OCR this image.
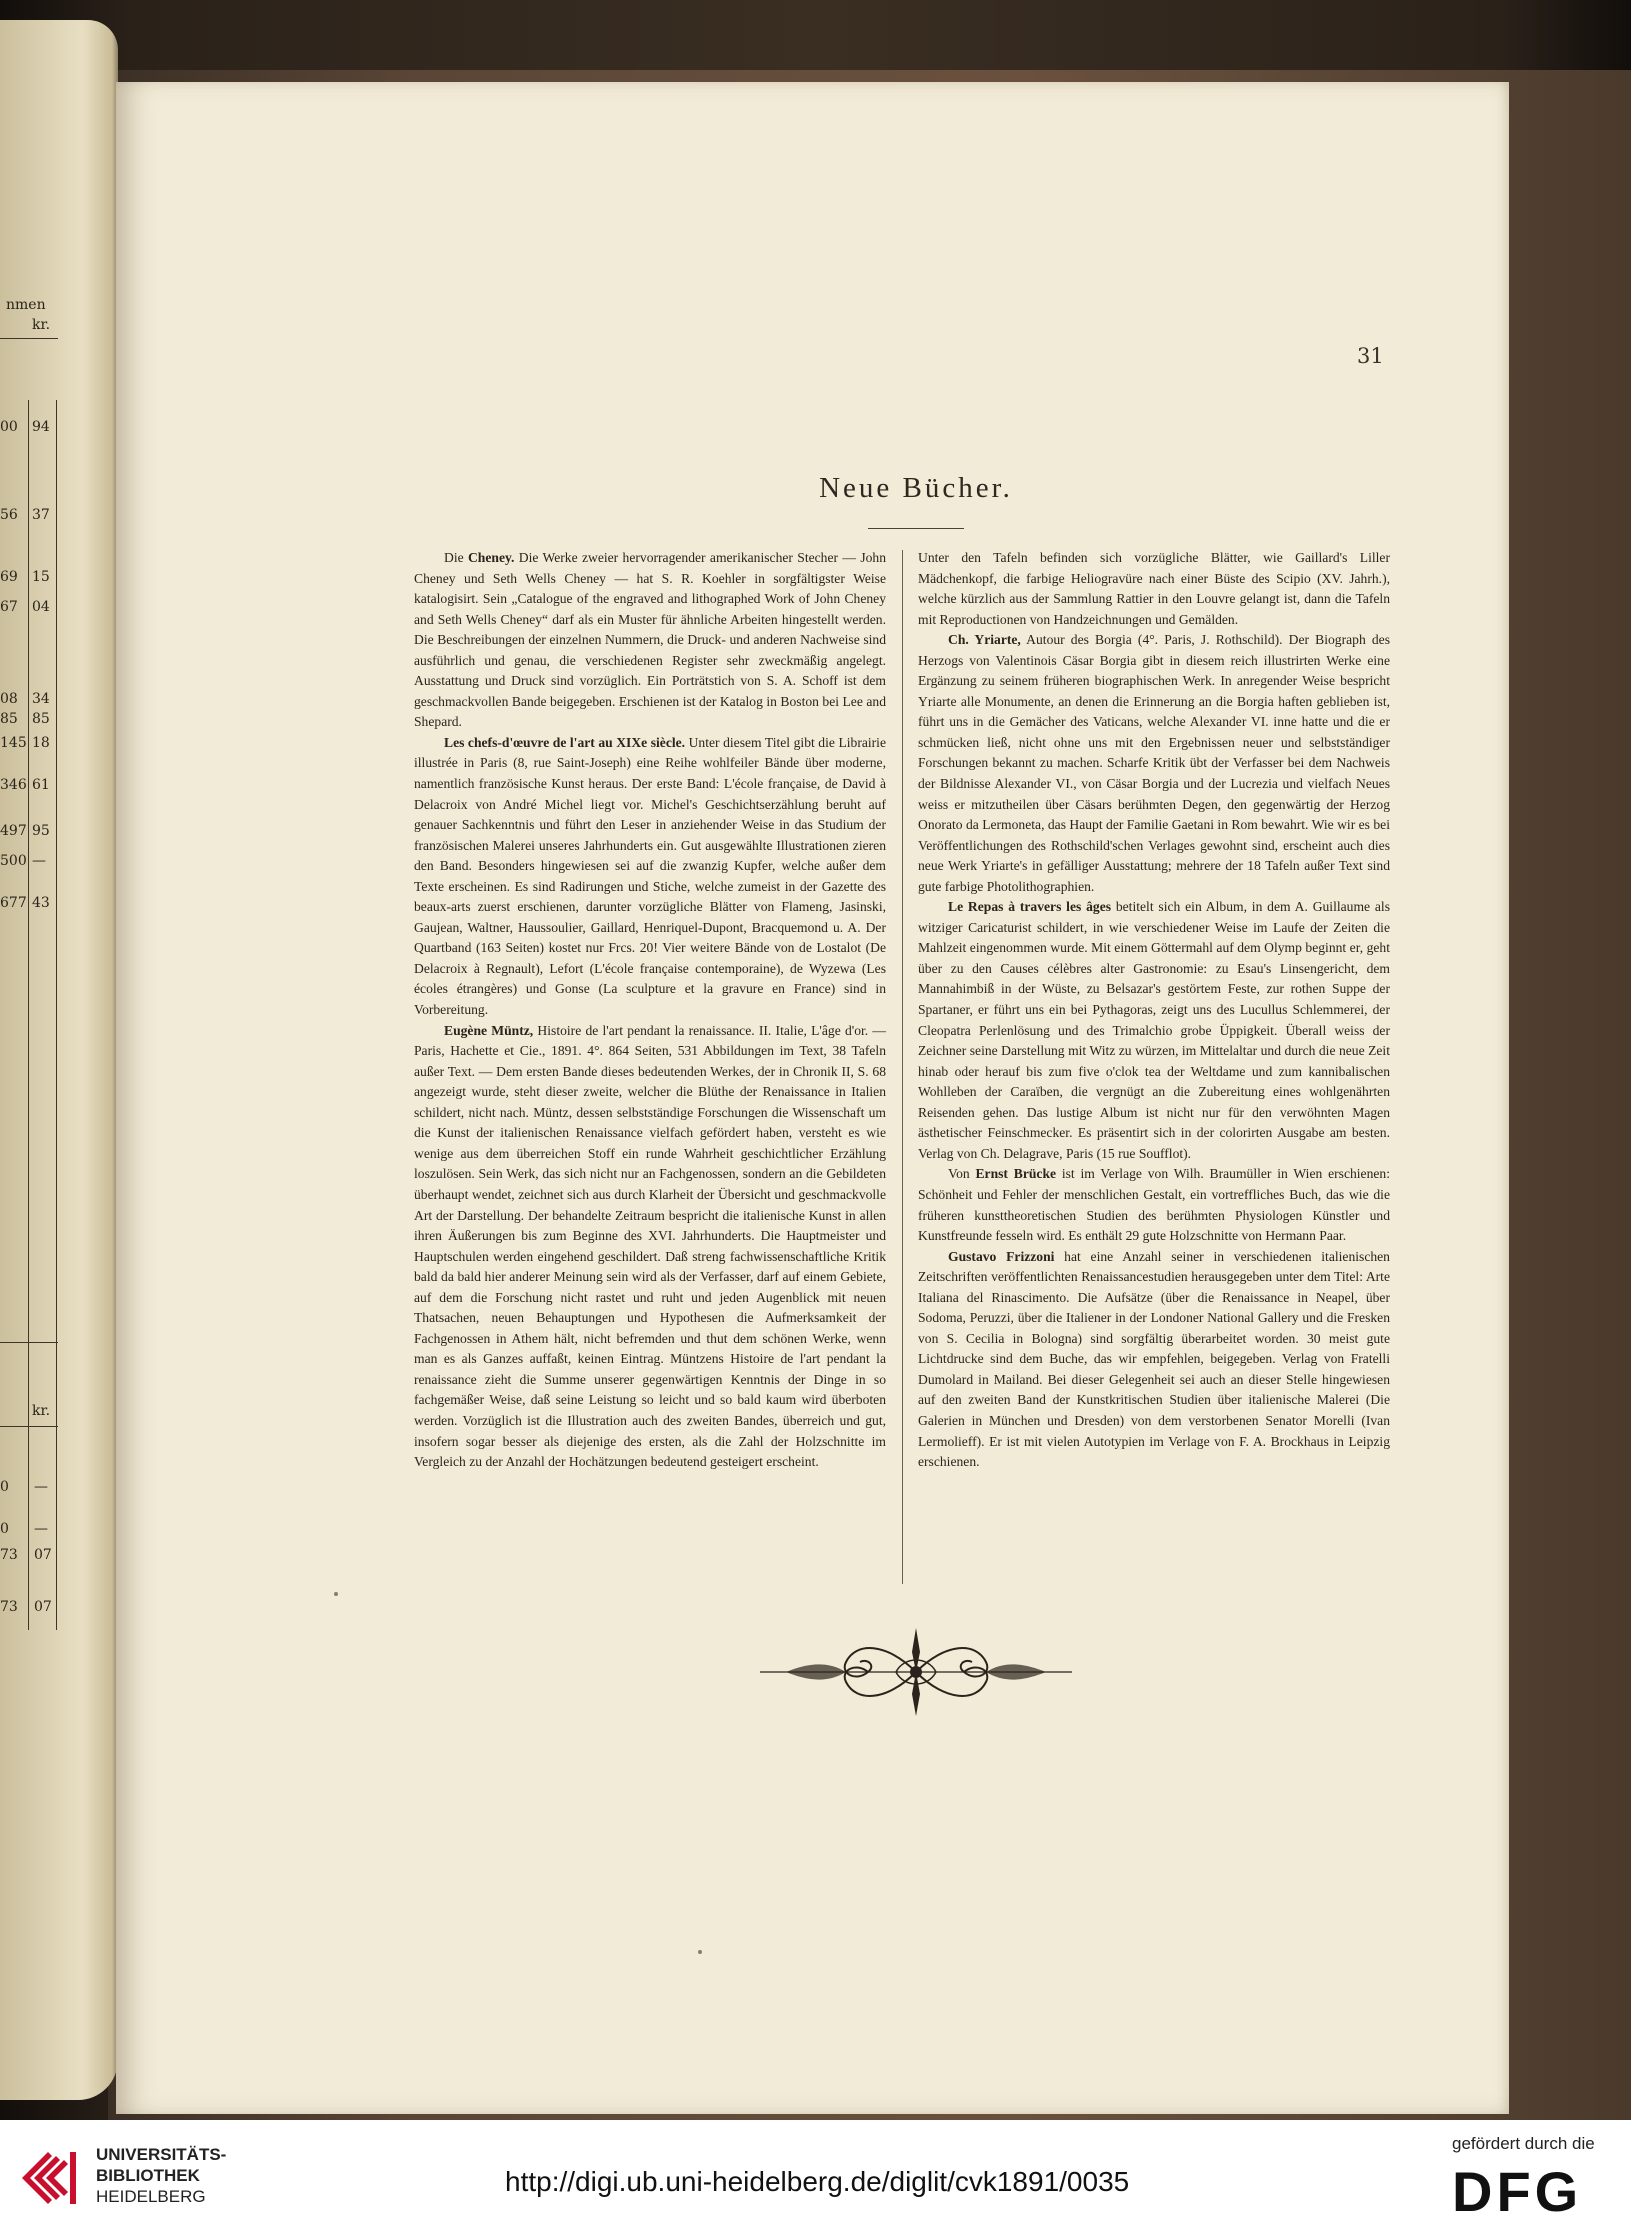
nmen
kr.
00 94
56 37
69 15
67 04
08 34
85 85
145 18
346 61
497 95
500 —
677 43
kr.
0 —
0 —
73 07
73 07
31
Neue Bücher.

Die Cheney. Die Werke zweier hervorragender amerikanischer Stecher — John Cheney und Seth Wells Cheney — hat S. R. Koehler in sorgfältigster Weise katalogisirt. Sein „Catalogue of the engraved and lithographed Work of John Cheney and Seth Wells Cheney“ darf als ein Muster für ähnliche Arbeiten hingestellt werden. Die Beschreibungen der einzelnen Nummern, die Druck- und anderen Nachweise sind ausführlich und genau, die verschiedenen Register sehr zweckmäßig angelegt. Ausstattung und Druck sind vorzüglich. Ein Porträtstich von S. A. Schoff ist dem geschmackvollen Bande beigegeben. Erschienen ist der Katalog in Boston bei Lee and Shepard.

Les chefs-d'œuvre de l'art au XIXe siècle. Unter diesem Titel gibt die Librairie illustrée in Paris (8, rue Saint-Joseph) eine Reihe wohlfeiler Bände über moderne, namentlich französische Kunst heraus. Der erste Band: L'école française, de David à Delacroix von André Michel liegt vor. Michel's Geschichtserzählung beruht auf genauer Sachkenntnis und führt den Leser in anziehender Weise in das Studium der französischen Malerei unseres Jahrhunderts ein. Gut ausgewählte Illustrationen zieren den Band. Besonders hingewiesen sei auf die zwanzig Kupfer, welche außer dem Texte erscheinen. Es sind Radirungen und Stiche, welche zumeist in der Gazette des beaux-arts zuerst erschienen, darunter vorzügliche Blätter von Flameng, Jasinski, Gaujean, Waltner, Haussoulier, Gaillard, Henriquel-Dupont, Bracquemond u. A. Der Quartband (163 Seiten) kostet nur Frcs. 20! Vier weitere Bände von de Lostalot (De Delacroix à Regnault), Lefort (L'école française contemporaine), de Wyzewa (Les écoles étrangères) und Gonse (La sculpture et la gravure en France) sind in Vorbereitung.

Eugène Müntz, Histoire de l'art pendant la renaissance. II. Italie, L'âge d'or. — Paris, Hachette et Cie., 1891. 4°. 864 Seiten, 531 Abbildungen im Text, 38 Tafeln außer Text. — Dem ersten Bande dieses bedeutenden Werkes, der in Chronik II, S. 68 angezeigt wurde, steht dieser zweite, welcher die Blüthe der Renaissance in Italien schildert, nicht nach. Müntz, dessen selbstständige Forschungen die Wissenschaft um die Kunst der italienischen Renaissance vielfach gefördert haben, versteht es wie wenige aus dem überreichen Stoff ein runde Wahrheit geschichtlicher Erzählung loszulösen. Sein Werk, das sich nicht nur an Fachgenossen, sondern an die Gebildeten überhaupt wendet, zeichnet sich aus durch Klarheit der Übersicht und geschmackvolle Art der Darstellung. Der behandelte Zeitraum bespricht die italienische Kunst in allen ihren Äußerungen bis zum Beginne des XVI. Jahrhunderts. Die Hauptmeister und Hauptschulen werden eingehend geschildert. Daß streng fachwissenschaftliche Kritik bald da bald hier anderer Meinung sein wird als der Verfasser, darf auf einem Gebiete, auf dem die Forschung nicht rastet und ruht und jeden Augenblick mit neuen Thatsachen, neuen Behauptungen und Hypothesen die Aufmerksamkeit der Fachgenossen in Athem hält, nicht befremden und thut dem schönen Werke, wenn man es als Ganzes auffaßt, keinen Eintrag. Müntzens Histoire de l'art pendant la renaissance zieht die Summe unserer gegenwärtigen Kenntnis der Dinge in so fachgemäßer Weise, daß seine Leistung so leicht und so bald kaum wird überboten werden. Vorzüglich ist die Illustration auch des zweiten Bandes, überreich und gut, insofern sogar besser als diejenige des ersten, als die Zahl der Holzschnitte im Vergleich zu der Anzahl der Hochätzungen bedeutend gesteigert erscheint.

Unter den Tafeln befinden sich vorzügliche Blätter, wie Gaillard's Liller Mädchenkopf, die farbige Heliogravüre nach einer Büste des Scipio (XV. Jahrh.), welche kürzlich aus der Sammlung Rattier in den Louvre gelangt ist, dann die Tafeln mit Reproductionen von Handzeichnungen und Gemälden.

Ch. Yriarte, Autour des Borgia (4°. Paris, J. Rothschild). Der Biograph des Herzogs von Valentinois Cäsar Borgia gibt in diesem reich illustrirten Werke eine Ergänzung zu seinem früheren biographischen Werk. In anregender Weise bespricht Yriarte alle Monumente, an denen die Erinnerung an die Borgia haften geblieben ist, führt uns in die Gemächer des Vaticans, welche Alexander VI. inne hatte und die er schmücken ließ, nicht ohne uns mit den Ergebnissen neuer und selbstständiger Forschungen bekannt zu machen. Scharfe Kritik übt der Verfasser bei dem Nachweis der Bildnisse Alexander VI., von Cäsar Borgia und der Lucrezia und vielfach Neues weiss er mitzutheilen über Cäsars berühmten Degen, den gegenwärtig der Herzog Onorato da Lermoneta, das Haupt der Familie Gaetani in Rom bewahrt. Wie wir es bei Veröffentlichungen des Rothschild'schen Verlages gewohnt sind, erscheint auch dies neue Werk Yriarte's in gefälliger Ausstattung; mehrere der 18 Tafeln außer Text sind gute farbige Photolithographien.

Le Repas à travers les âges betitelt sich ein Album, in dem A. Guillaume als witziger Caricaturist schildert, in wie verschiedener Weise im Laufe der Zeiten die Mahlzeit eingenommen wurde. Mit einem Göttermahl auf dem Olymp beginnt er, geht über zu den Causes célèbres alter Gastronomie: zu Esau's Linsengericht, dem Mannahimbiß in der Wüste, zu Belsazar's gestörtem Feste, zur rothen Suppe der Spartaner, er führt uns ein bei Pythagoras, zeigt uns des Lucullus Schlemmerei, der Cleopatra Perlenlösung und des Trimalchio grobe Üppigkeit. Überall weiss der Zeichner seine Darstellung mit Witz zu würzen, im Mittelaltar und durch die neue Zeit hinab oder herauf bis zum five o'clok tea der Weltdame und zum kannibalischen Wohlleben der Caraïben, die vergnügt an die Zubereitung eines wohlgenährten Reisenden gehen. Das lustige Album ist nicht nur für den verwöhnten Magen ästhetischer Feinschmecker. Es präsentirt sich in der colorirten Ausgabe am besten. Verlag von Ch. Delagrave, Paris (15 rue Soufflot).

Von Ernst Brücke ist im Verlage von Wilh. Braumüller in Wien erschienen: Schönheit und Fehler der menschlichen Gestalt, ein vortreffliches Buch, das wie die früheren kunsttheoretischen Studien des berühmten Physiologen Künstler und Kunstfreunde fesseln wird. Es enthält 29 gute Holzschnitte von Hermann Paar.

Gustavo Frizzoni hat eine Anzahl seiner in verschiedenen italienischen Zeitschriften veröffentlichten Renaissancestudien herausgegeben unter dem Titel: Arte Italiana del Rinascimento. Die Aufsätze (über die Renaissance in Neapel, über Sodoma, Peruzzi, über die Italiener in der Londoner National Gallery und die Fresken von S. Cecilia in Bologna) sind sorgfältig überarbeitet worden. 30 meist gute Lichtdrucke sind dem Buche, das wir empfehlen, beigegeben. Verlag von Fratelli Dumolard in Mailand. Bei dieser Gelegenheit sei auch an dieser Stelle hingewiesen auf den zweiten Band der Kunstkritischen Studien über italienische Malerei (Die Galerien in München und Dresden) von dem verstorbenen Senator Morelli (Ivan Lermolieff). Er ist mit vielen Autotypien im Verlage von F. A. Brockhaus in Leipzig erschienen.

UNIVERSITÄTS-
BIBLIOTHEK
HEIDELBERG	http://digi.ub.uni-heidelberg.de/diglit/cvk1891/0035
gefördert durch die
DFG
